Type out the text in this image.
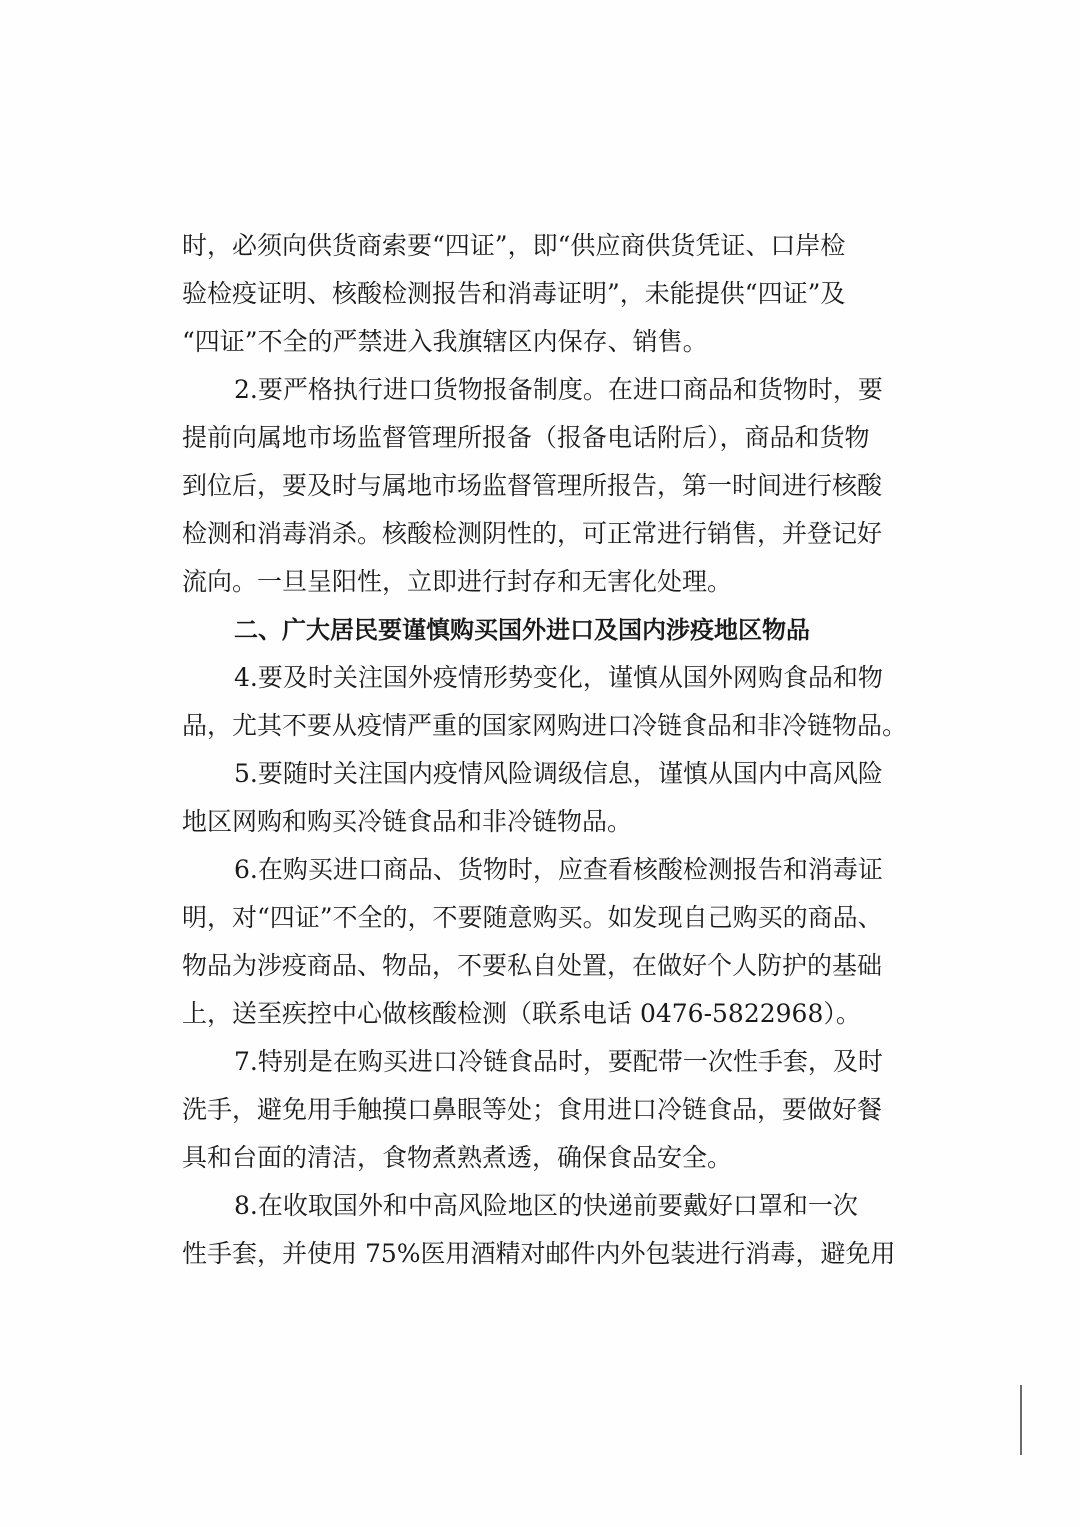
时，必须向供货商索要“四证”，即“供应商供货凭证、口岸检
验检疫证明、核酸检测报告和消毒证明”，未能提供“四证”及
“四证”不全的严禁进入我旗辖区内保存、销售。
2.要严格执行进口货物报备制度。在进口商品和货物时，要
提前向属地市场监督管理所报备（报备电话附后），商品和货物
到位后，要及时与属地市场监督管理所报告，第一时间进行核酸
检测和消毒消杀。核酸检测阴性的，可正常进行销售，并登记好
流向。一旦呈阳性，立即进行封存和无害化处理。
二、广大居民要谨慎购买国外进口及国内涉疫地区物品
4.要及时关注国外疫情形势变化，谨慎从国外网购食品和物
品，尤其不要从疫情严重的国家网购进口冷链食品和非冷链物品。
5.要随时关注国内疫情风险调级信息，谨慎从国内中高风险
地区网购和购买冷链食品和非冷链物品。
6.在购买进口商品、货物时，应查看核酸检测报告和消毒证
明，对“四证”不全的，不要随意购买。如发现自己购买的商品、
物品为涉疫商品、物品，不要私自处置，在做好个人防护的基础
上，送至疾控中心做核酸检测（联系电话 0476-5822968）。
7.特别是在购买进口冷链食品时，要配带一次性手套，及时
洗手，避免用手触摸口鼻眼等处；食用进口冷链食品，要做好餐
具和台面的清洁，食物煮熟煮透，确保食品安全。
8.在收取国外和中高风险地区的快递前要戴好口罩和一次
性手套，并使用 75%医用酒精对邮件内外包装进行消毒，避免用
